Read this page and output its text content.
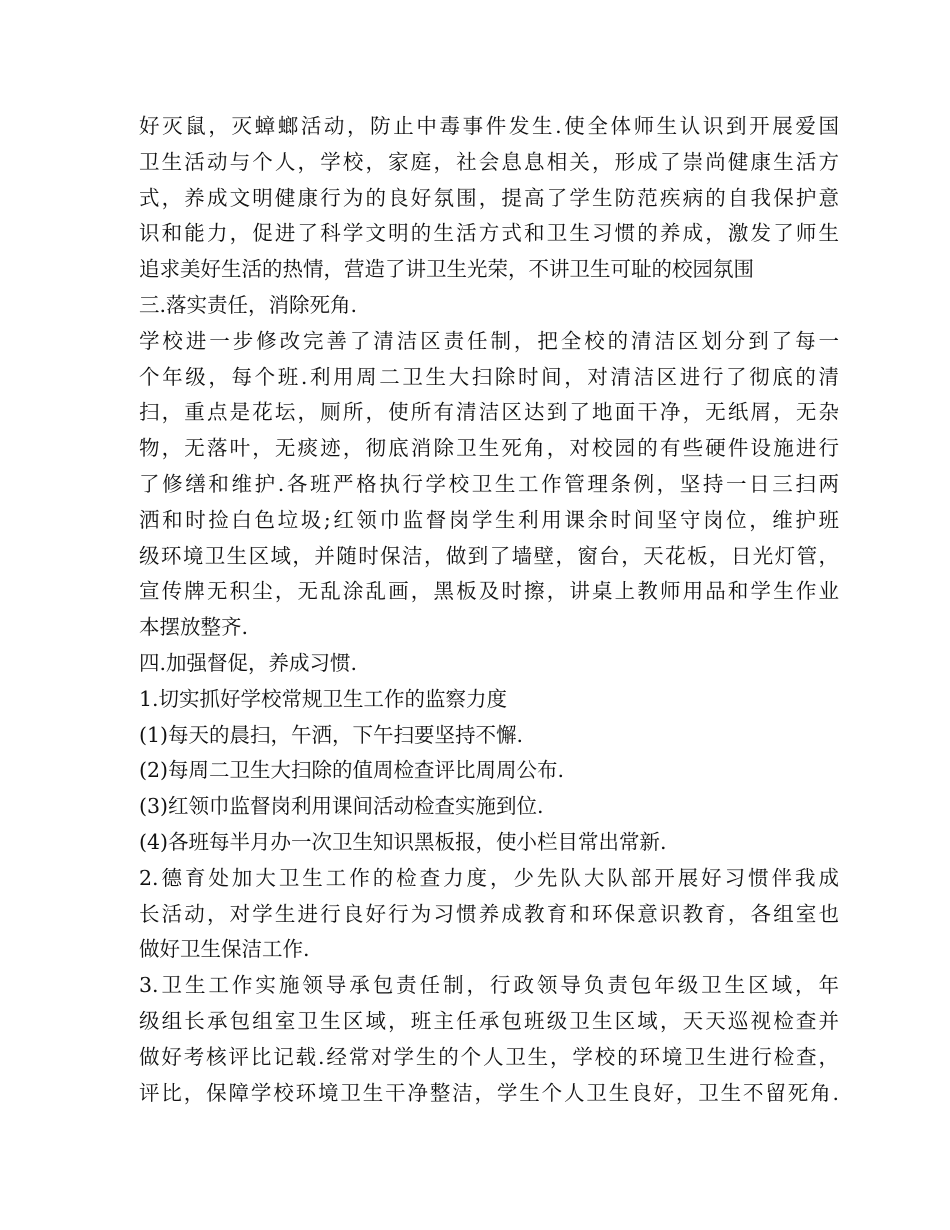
好灭鼠，灭蟑螂活动，防止中毒事件发生.使全体师生认识到开展爱国
卫生活动与个人，学校，家庭，社会息息相关，形成了崇尚健康生活方
式，养成文明健康行为的良好氛围，提高了学生防范疾病的自我保护意
识和能力，促进了科学文明的生活方式和卫生习惯的养成，激发了师生
追求美好生活的热情，营造了讲卫生光荣，不讲卫生可耻的校园氛围
三.落实责任，消除死角.
学校进一步修改完善了清洁区责任制，把全校的清洁区划分到了每一
个年级，每个班.利用周二卫生大扫除时间，对清洁区进行了彻底的清
扫，重点是花坛，厕所，使所有清洁区达到了地面干净，无纸屑，无杂
物，无落叶，无痰迹，彻底消除卫生死角，对校园的有些硬件设施进行
了修缮和维护.各班严格执行学校卫生工作管理条例，坚持一日三扫两
洒和时捡白色垃圾;红领巾监督岗学生利用课余时间坚守岗位，维护班
级环境卫生区域，并随时保洁，做到了墙壁，窗台，天花板，日光灯管，
宣传牌无积尘，无乱涂乱画，黑板及时擦，讲桌上教师用品和学生作业
本摆放整齐.
四.加强督促，养成习惯.
1.切实抓好学校常规卫生工作的监察力度
(1)每天的晨扫，午洒，下午扫要坚持不懈.
(2)每周二卫生大扫除的值周检查评比周周公布.
(3)红领巾监督岗利用课间活动检查实施到位.
(4)各班每半月办一次卫生知识黑板报，使小栏目常出常新.
2.德育处加大卫生工作的检查力度，少先队大队部开展好习惯伴我成
长活动，对学生进行良好行为习惯养成教育和环保意识教育，各组室也
做好卫生保洁工作.
3.卫生工作实施领导承包责任制，行政领导负责包年级卫生区域，年
级组长承包组室卫生区域，班主任承包班级卫生区域，天天巡视检查并
做好考核评比记载.经常对学生的个人卫生，学校的环境卫生进行检查，
评比，保障学校环境卫生干净整洁，学生个人卫生良好，卫生不留死角.
